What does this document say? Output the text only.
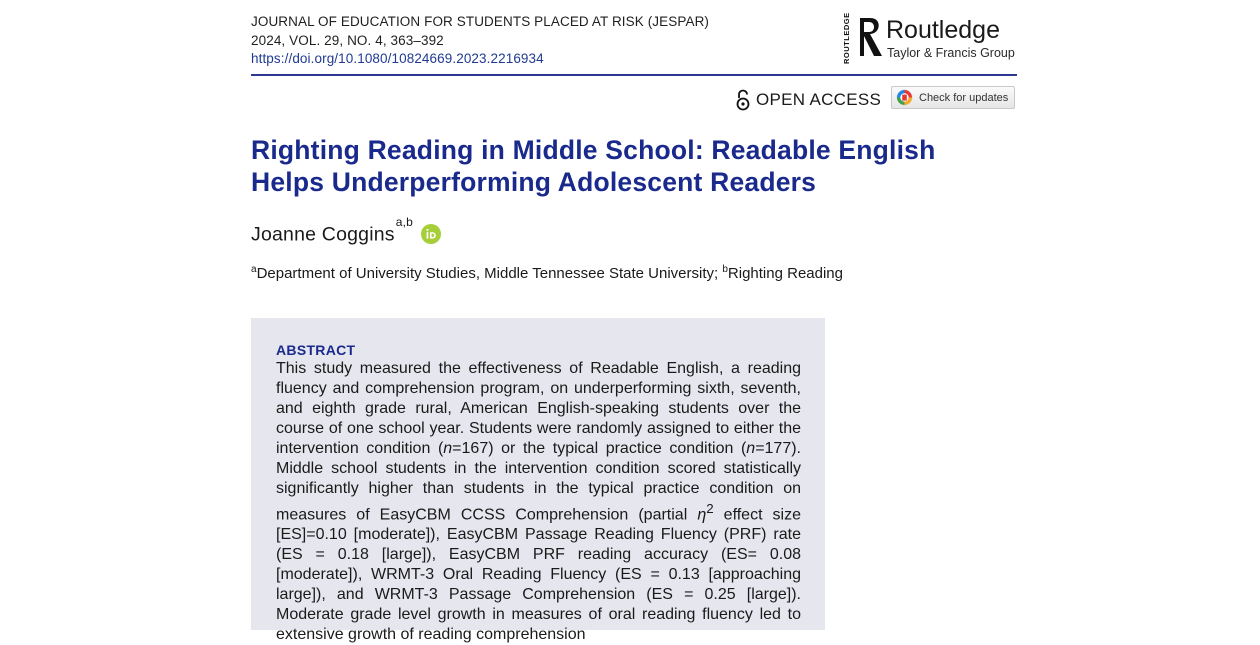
JOURNAL OF EDUCATION FOR STUDENTS PLACED AT RISK (JESPAR)
2024, VOL. 29, NO. 4, 363–392
https://doi.org/10.1080/10824669.2023.2216934	ROUTLEDGE Routledge
Taylor & Francis Group
OPEN ACCESS	Check for updates
Righting Reading in Middle School: Readable English Helps Underperforming Adolescent Readers
Joanne Coggins$^{a,b}$
$^a$Department of University Studies, Middle Tennessee State University; $^b$Righting Reading
ABSTRACT

This study measured the effectiveness of Readable English, a reading fluency and comprehension program, on underperforming sixth, seventh, and eighth grade rural, American English-speaking students over the course of one school year. Students were randomly assigned to either the intervention condition (n=167) or the typical practice condition (n=177). Middle school students in the intervention condition scored statistically significantly higher than students in the typical practice condition on measures of EasyCBM CCSS Comprehension (partial $\eta^2$ effect size [ES]=0.10 [moderate]), EasyCBM Passage Reading Fluency (PRF) rate (ES = 0.18 [large]), EasyCBM PRF reading accuracy (ES= 0.08 [moderate]), WRMT-3 Oral Reading Fluency (ES = 0.13 [approaching large]), and WRMT-3 Passage Comprehension (ES = 0.25 [large]). Moderate grade level growth in measures of oral reading fluency led to extensive growth of reading comprehension
